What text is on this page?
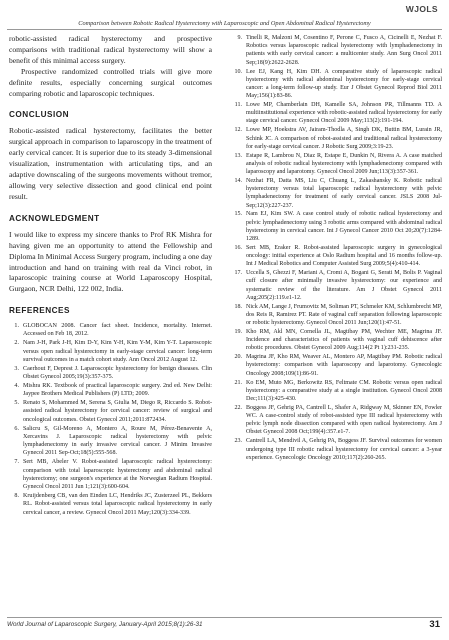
WJOLS
Comparison between Robotic Radical Hysterectomy with Laparoscopic and Open Abdominal Radical Hysterectomy

robotic-assisted radical hysterectomy and prospective comparisons with traditional radical hysterectomy will show a benefit of this minimal access surgery.

Prospective randomized controlled trials will give more definite results, especially concerning surgical outcomes comparing robotic and laparoscopic techniques.

CONCLUSION

Robotic-assisted radical hysterectomy, facilitates the better surgical approach in comparison to laparoscopy in the treatment of early cervical cancer. It is superior due to its steady 3-dimensional visualization, instrumentation with articulating tips, and an adaptive downscaling of the surgeons movements without tremor, allowing very selective dissection and good clinical end point result.

ACKNOWLEDGMENT

I would like to express my sincere thanks to Prof RK Mishra for having given me an opportunity to attend the Fellowship and Diploma In Minimal Access Surgery program, including a one day introduction and hand on training with real da Vinci robot, in laparoscopic training course at World Laparoscopy Hospital, Gurgaon, NCR Delhi, 122 002, India.

REFERENCES
1. GLOBOCAN 2008. Cancer fact sheet. Incidence, mortality. Internet. Accessed on Feb 18, 2012.
2. Nam J-H, Park J-H, Kim D-Y, Kim Y-H, Kim Y-M, Kim Y-T. Laparoscopic versus open radical hysterectomy in early-stage cervical cancer: long-term survival outcomes in a match cohort study. Ann Oncol 2012 August 12.
3. Caerhout F, Deprest J. Laparoscopic hysterectomy for benign diseases. Clin Obstet Gynecol 2005;19(3):357-375.
4. Mishra RK. Textbook of practical laparoscopic surgery. 2nd ed. New Delhi: Jaypee Brothers Medical Publishers (P) LTD; 2009.
5. Renato S, Mohammed M, Serena S, Giulia M, Diego R, Riccardo S. Robot-assisted radical hysterectomy for cervical cancer: review of surgical and oncological outcomes. Obstet Gynecol 2011;2011:872434.
6. Salicru S, Gil-Moreno A, Montero A, Roure M, Pérez-Benavente A, Xercavins J. Laparoscopic radical hysterectomy with pelvic lymphadenectomy in early invasive cervical cancer. J Minim Invasive Gynecol 2011 Sep-Oct;18(5):555-568.
7. Sert MB, Abeler V. Robot-assisted laparoscopic radical hysterectomy: comparison with total laparoscopic hysterectomy and abdominal radical hysterectomy; one surgeon's experience at the Norwegian Radium Hospital. Gynecol Oncol 2011 Jun 1;121(3):600-604.
8. Kruijdenberg CB, van den Einden LC, Hendriks JC, Zusterzeel PL, Bekkers RL. Robot-assisted versus total laparoscopic radical hysterectomy in early cervical cancer, a review. Gynecol Oncol 2011 May;120(3):334-339.
9. Tinelli R, Malzoni M, Cosentino F, Perone C, Fusco A, Cicinelli E, Nezhat F. Robotics versus laparoscopic radical hysterectomy with lymphadenectomy in patients with early cervical cancer: a multicenter study. Ann Surg Oncol 2011 Sep;18(9):2622-2628.
10. Lee EJ, Kang H, Kim DH. A comparative study of laparoscopic radical hysterectomy with radical abdominal hysterectomy for early-stage cervical cancer: a long-term follow-up study. Eur J Obstet Gynecol Reprod Biol 2011 May;156(1):83-86.
11. Lowe MP, Chamberlain DH, Kamelle SA, Johnson PR, Tillmanns TD. A multiinstitutional experience with robotic-assisted radical hysterectomy for early stage cervical cancer. Gynecol Oncol 2009 May;113(2):191-194.
12. Lowe MP, Hoekstra AV, Jairam-Thodla A, Singh DK, Buttin BM, Lurain JR, Schink JC. A comparison of robot-assisted and traditional radical hysterectomy for early-stage cervical cancer. J Robotic Surg 2009;3:19-23.
13. Estape R, Lambrou N, Diaz R, Estape E, Dunkin N, Rivera A. A case matched analysis of robotic radical hysterectomy with lymphadenectomy compared with laparoscopy and laparotomy. Gynecol Oncol 2009 Jun;113(3):357-361.
14. Nezhat FR, Datta MS, Liu C, Chuang L, Zakashansky K. Robotic radical hysterectomy versus total laparoscopic radical hysterectomy with pelvic lymphadenectomy for treatment of early cervical cancer. JSLS 2008 Jul-Sep;12(3):227-237.
15. Nam EJ, Kim SW. A case control study of robotic radical hysterectomy and pelvic lymphadenectomy using 3 robotic arms compared with abdominal radical hysterectomy in cervical cancer. Int J Gynecol Cancer 2010 Oct 20;20(7):1284-1289.
16. Sert MB, Eraker R. Robot-assisted laparoscopic surgery in gynecological oncology: initial experience at Oslo Radium hospital and 16 months follow-up. Int J Medical Robotics and Computer Assisted Surg 2009;5(4):410-414.
17. Uccella S, Ghezzi F, Mariani A, Cromi A, Bogani G, Serati M, Bolis P. Vaginal cuff closure after minimally invasive hysterectomy: our experience and systematic review of the literature. Am J Obstet Gynecol 2011 Aug;205(2):119.e1-12.
18. Nick AM, Lange J, Frumovitz M, Soliman PT, Schmeler KM, Schlumbrecht MP, dos Reis R, Ramirez PT. Rate of vaginal cuff separation following laparoscopic or robotic hysterectomy. Gynecol Oncol 2011 Jun;120(1):47-51.
19. Kho RM, Akl MN, Cornella JL, Magtibay PM, Wechter ME, Magrina JF. Incidence and characteristics of patients with vaginal cuff dehiscence after robotic procedures. Obstet Gynecol 2009 Aug;114(2 Pt 1):231-235.
20. Magrina JF, Kho RM, Weaver AL, Montero AP, Magtibay PM. Robotic radical hysterectomy: comparison with laparoscopy and laparotomy. Gynecologic Oncology 2008;109(1):86-91.
21. Ko EM, Muto MG, Berkowitz RS, Feltmate CM. Robotic versus open radical hysterectomy: a comparative study at a single institution. Gynecol Oncol 2008 Dec;111(3):425-430.
22. Boggess JF, Gehrig PA, Cantrell L, Shafer A, Ridgway M, Skinner EN, Fowler WC. A case-control study of robot-assisted type III radical hysterectomy with pelvic lymph node dissection compared with open radical hysterectomy. Am J Obstet Gynecol 2008 Oct;199(4):357.e1-7.
23. Cantrell LA, Mendivil A, Gehrig PA, Boggess JF. Survival outcomes for women undergoing type III robotic radical hysterectomy for cervical cancer: a 3-year experience. Gynecologic Oncology 2010;117(2):260-265.
World Journal of Laparoscopic Surgery, January-April 2015;8(1):26-31	31
